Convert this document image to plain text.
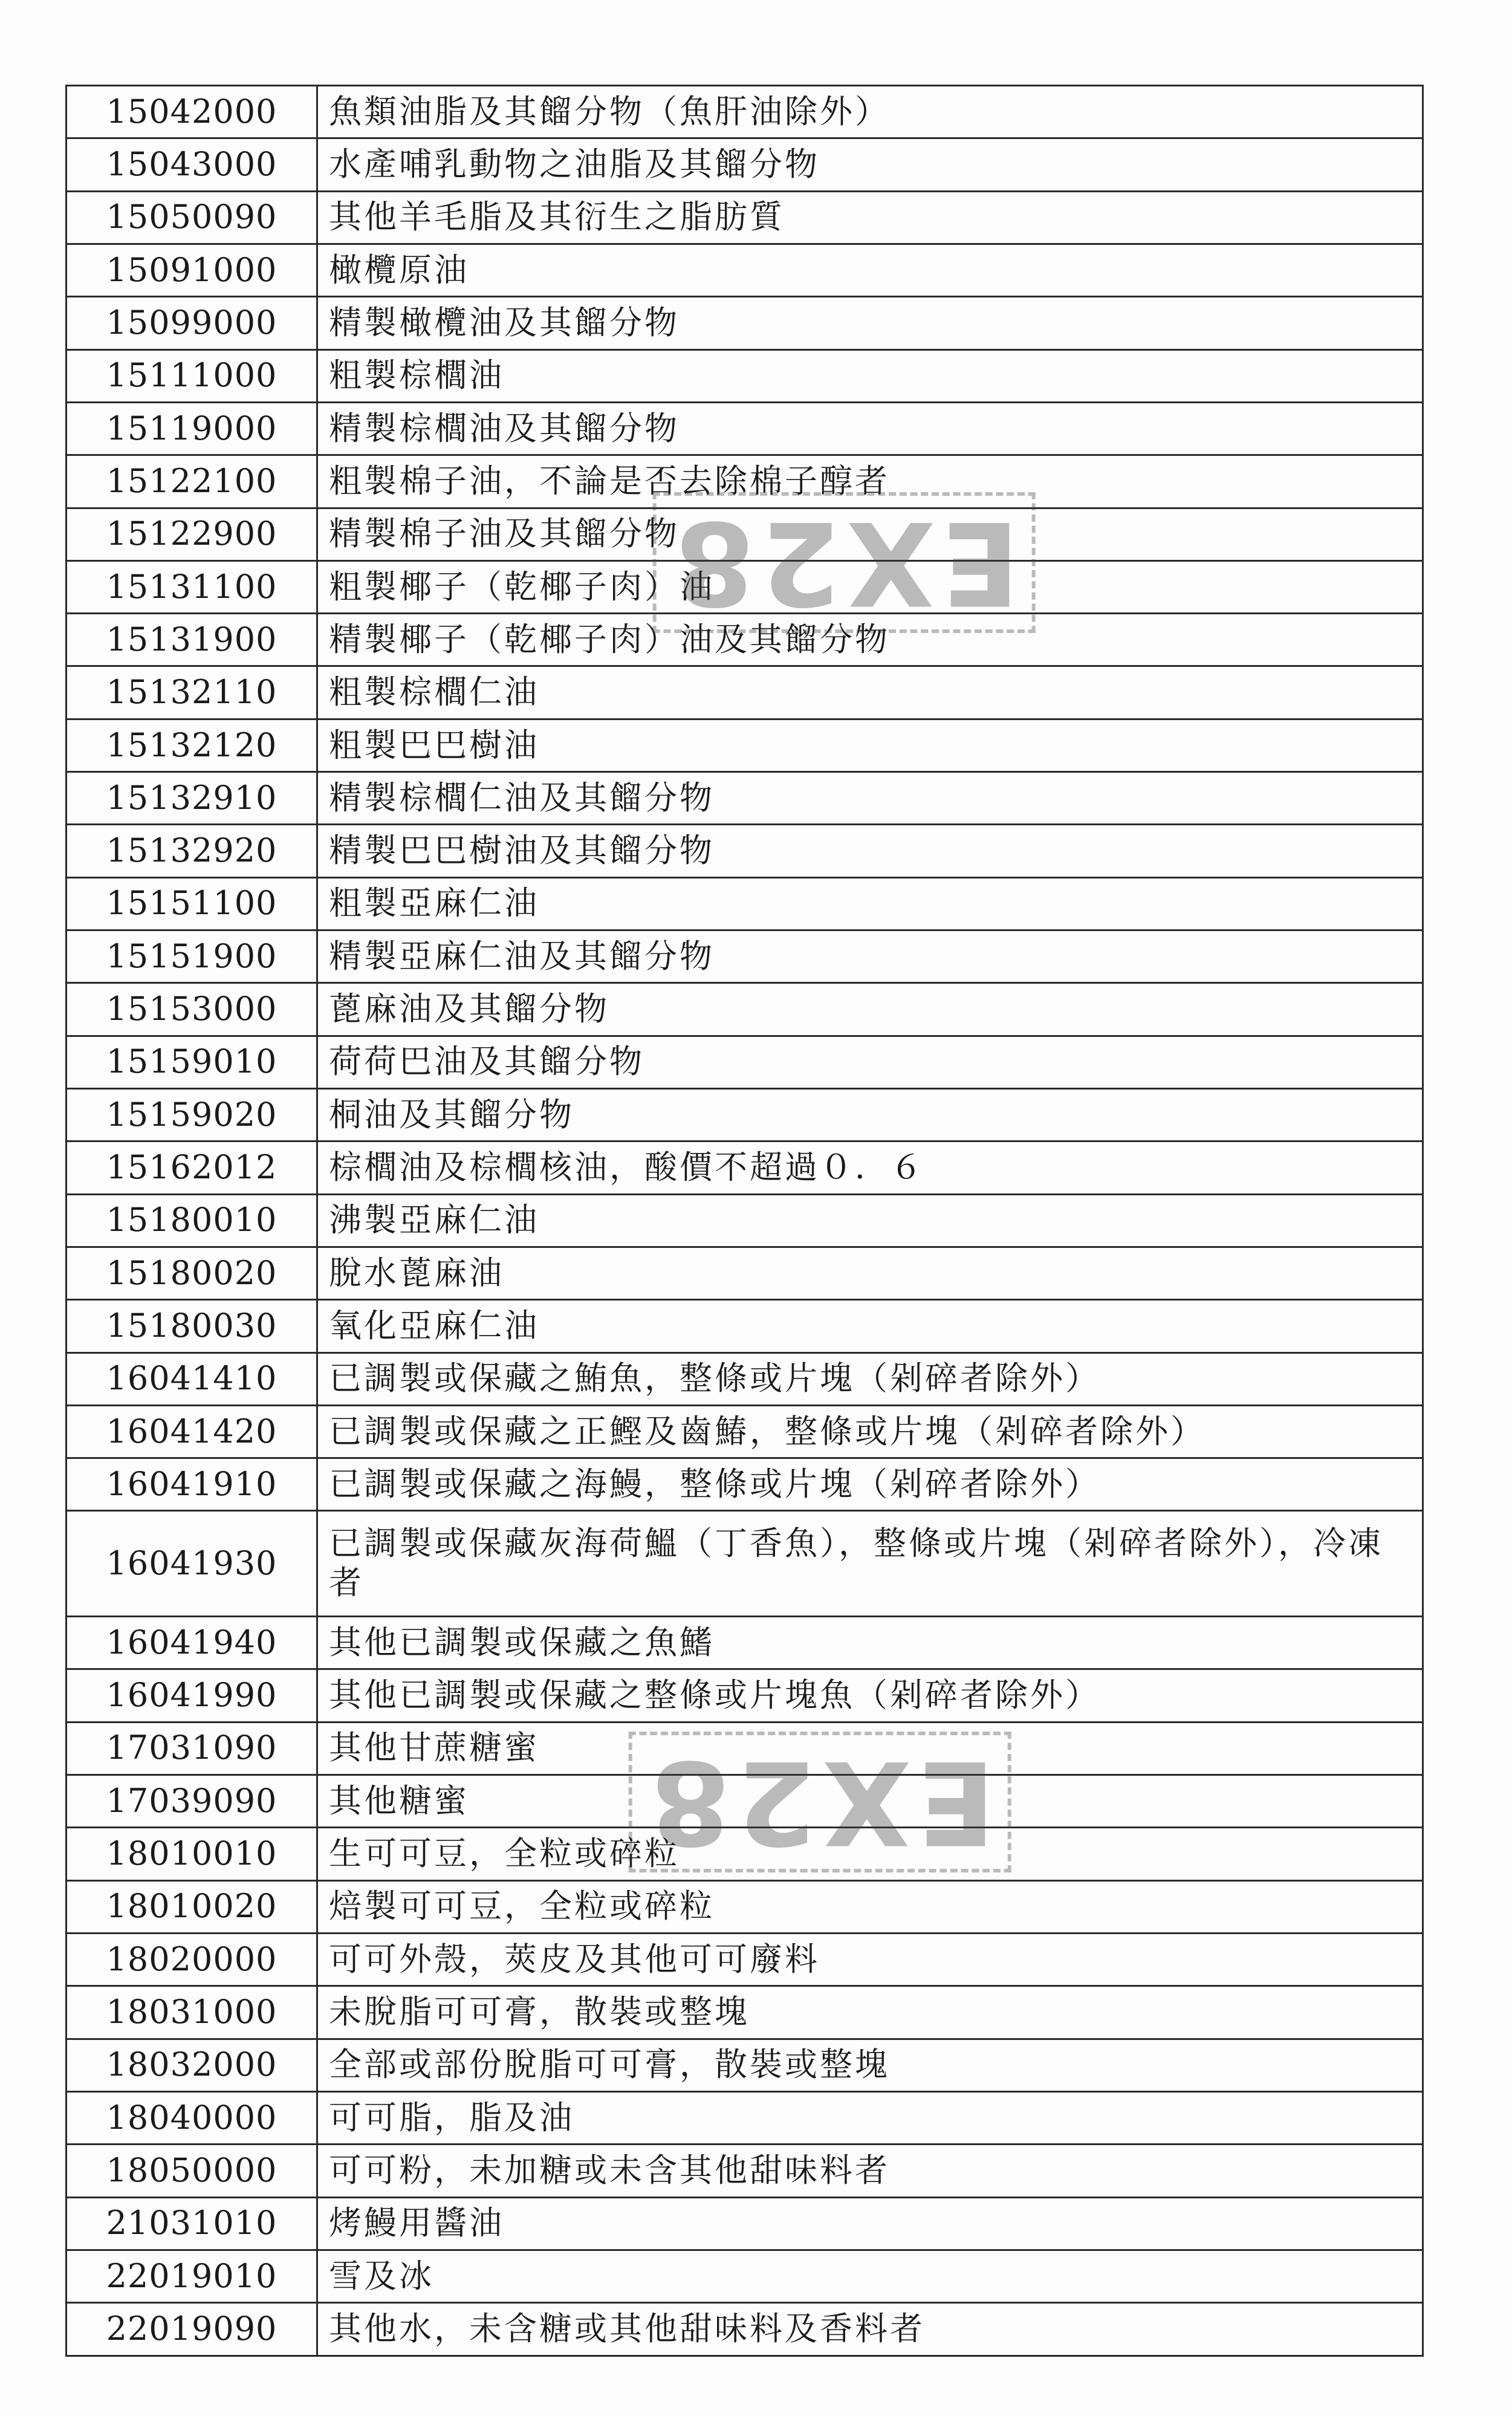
15042000	魚類油脂及其餾分物（魚肝油除外）
15043000	水產哺乳動物之油脂及其餾分物
15050090	其他羊毛脂及其衍生之脂肪質
15091000	橄欖原油
15099000	精製橄欖油及其餾分物
15111000	粗製棕櫚油
15119000	精製棕櫚油及其餾分物
15122100	粗製棉子油，不論是否去除棉子醇者
15122900	精製棉子油及其餾分物
15131100	粗製椰子（乾椰子肉）油
15131900	精製椰子（乾椰子肉）油及其餾分物
15132110	粗製棕櫚仁油
15132120	粗製巴巴樹油
15132910	精製棕櫚仁油及其餾分物
15132920	精製巴巴樹油及其餾分物
15151100	粗製亞麻仁油
15151900	精製亞麻仁油及其餾分物
15153000	蓖麻油及其餾分物
15159010	荷荷巴油及其餾分物
15159020	桐油及其餾分物
15162012	棕櫚油及棕櫚核油，酸價不超過０．６
15180010	沸製亞麻仁油
15180020	脫水蓖麻油
15180030	氧化亞麻仁油
16041410	已調製或保藏之鮪魚，整條或片塊（剁碎者除外）
16041420	已調製或保藏之正鰹及齒鰆，整條或片塊（剁碎者除外）
16041910	已調製或保藏之海鰻，整條或片塊（剁碎者除外）
16041930	已調製或保藏灰海荷鰮（丁香魚），整條或片塊（剁碎者除外），冷凍者
16041940	其他已調製或保藏之魚鰭
16041990	其他已調製或保藏之整條或片塊魚（剁碎者除外）
17031090	其他甘蔗糖蜜
17039090	其他糖蜜
18010010	生可可豆，全粒或碎粒
18010020	焙製可可豆，全粒或碎粒
18020000	可可外殼，莢皮及其他可可廢料
18031000	未脫脂可可膏，散裝或整塊
18032000	全部或部份脫脂可可膏，散裝或整塊
18040000	可可脂，脂及油
18050000	可可粉，未加糖或未含其他甜味料者
21031010	烤鰻用醬油
22019010	雪及冰
22019090	其他水，未含糖或其他甜味料及香料者
EX28
EX28
